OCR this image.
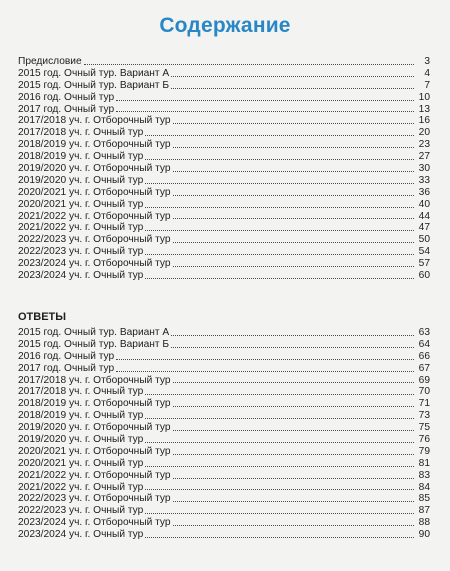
Содержание
Предисловие	3
2015 год. Очный тур. Вариант А	4
2015 год. Очный тур. Вариант Б	7
2016 год. Очный тур	10
2017 год. Очный тур	13
2017/2018 уч. г. Отборочный тур	16
2017/2018 уч. г. Очный тур	20
2018/2019 уч. г. Отборочный тур	23
2018/2019 уч. г. Очный тур	27
2019/2020 уч. г. Отборочный тур	30
2019/2020 уч. г. Очный тур	33
2020/2021 уч. г. Отборочный тур	36
2020/2021 уч. г. Очный тур	40
2021/2022 уч. г. Отборочный тур	44
2021/2022 уч. г. Очный тур	47
2022/2023 уч. г. Отборочный тур	50
2022/2023 уч. г. Очный тур	54
2023/2024 уч. г. Отборочный тур	57
2023/2024 уч. г. Очный тур	60
ОТВЕТЫ
2015 год. Очный тур. Вариант А	63
2015 год. Очный тур. Вариант Б	64
2016 год. Очный тур	66
2017 год. Очный тур	67
2017/2018 уч. г. Отборочный тур	69
2017/2018 уч. г. Очный тур	70
2018/2019 уч. г. Отборочный тур	71
2018/2019 уч. г. Очный тур	73
2019/2020 уч. г. Отборочный тур	75
2019/2020 уч. г. Очный тур	76
2020/2021 уч. г. Отборочный тур	79
2020/2021 уч. г. Очный тур	81
2021/2022 уч. г. Отборочный тур	83
2021/2022 уч. г. Очный тур	84
2022/2023 уч. г. Отборочный тур	85
2022/2023 уч. г. Очный тур	87
2023/2024 уч. г. Отборочный тур	88
2023/2024 уч. г. Очный тур	90
